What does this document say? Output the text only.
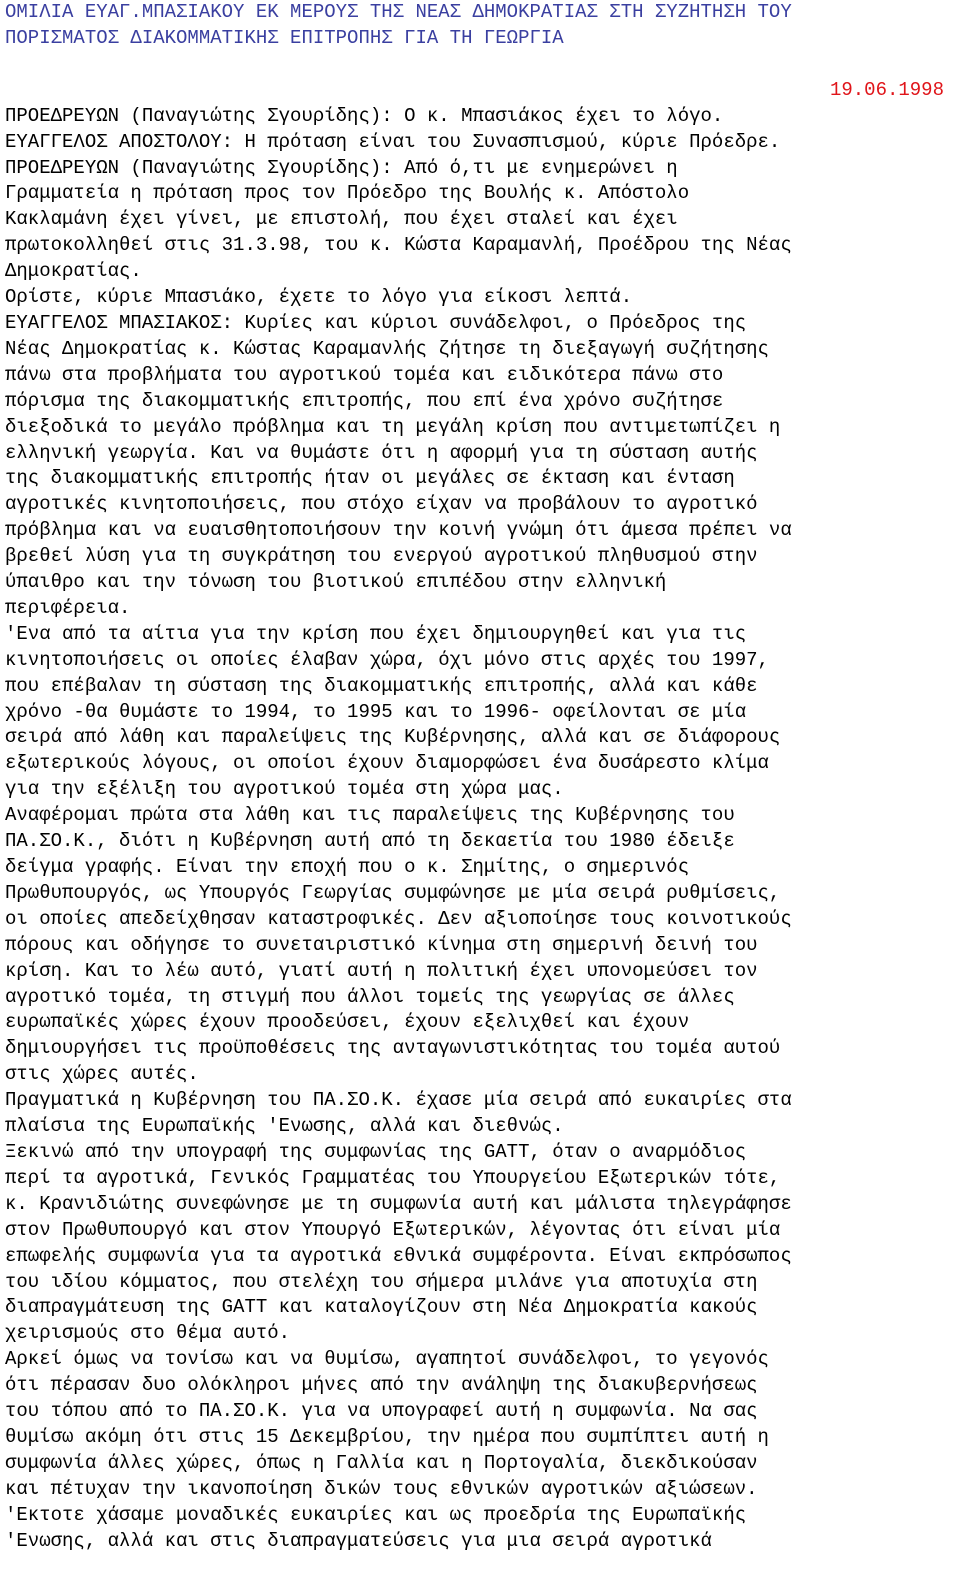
ΟΜΙΛΙΑ ΕΥΑΓ.ΜΠΑΣΙΑΚΟΥ ΕΚ ΜΕΡΟΥΣ ΤΗΣ ΝΕΑΣ ΔΗΜΟΚΡΑΤΙΑΣ ΣΤΗ ΣΥΖΗΤΗΣΗ ΤΟΥ
ΠΟΡΙΣΜΑΤΟΣ ΔΙΑΚΟΜΜΑΤΙΚΗΣ ΕΠΙΤΡΟΠΗΣ ΓΙΑ ΤΗ ΓΕΩΡΓΙΑ
19.06.1998
ΠΡΟΕΔΡΕΥΩΝ (Παναγιώτης Σγουρίδης): Ο κ. Μπασιάκος έχει το λόγο.
ΕΥΑΓΓΕΛΟΣ ΑΠΟΣΤΟΛΟΥ: Η πρόταση είναι του Συνασπισμού, κύριε Πρόεδρε.
ΠΡΟΕΔΡΕΥΩΝ (Παναγιώτης Σγουρίδης): Από ό,τι με ενημερώνει η
Γραμματεία η πρόταση προς τον Πρόεδρο της Βουλής κ. Απόστολο
Κακλαμάνη έχει γίνει, με επιστολή, που έχει σταλεί και έχει
πρωτοκολληθεί στις 31.3.98, του κ. Κώστα Καραμανλή, Προέδρου της Νέας
Δημοκρατίας.
Ορίστε, κύριε Μπασιάκο, έχετε το λόγο για είκοσι λεπτά.
ΕΥΑΓΓΕΛΟΣ ΜΠΑΣΙΑΚΟΣ: Κυρίες και κύριοι συνάδελφοι, ο Πρόεδρος της
Νέας Δημοκρατίας κ. Κώστας Καραμανλής ζήτησε τη διεξαγωγή συζήτησης
πάνω στα προβλήματα του αγροτικού τομέα και ειδικότερα πάνω στο
πόρισμα της διακομματικής επιτροπής, που επί ένα χρόνο συζήτησε
διεξοδικά το μεγάλο πρόβλημα και τη μεγάλη κρίση που αντιμετωπίζει η
ελληνική γεωργία. Και να θυμάστε ότι η αφορμή για τη σύσταση αυτής
της διακομματικής επιτροπής ήταν οι μεγάλες σε έκταση και ένταση
αγροτικές κινητοποιήσεις, που στόχο είχαν να προβάλουν το αγροτικό
πρόβλημα και να ευαισθητοποιήσουν την κοινή γνώμη ότι άμεσα πρέπει να
βρεθεί λύση για τη συγκράτηση του ενεργού αγροτικού πληθυσμού στην
ύπαιθρο και την τόνωση του βιοτικού επιπέδου στην ελληνική
περιφέρεια.
'Ενα από τα αίτια για την κρίση που έχει δημιουργηθεί και για τις
κινητοποιήσεις οι οποίες έλαβαν χώρα, όχι μόνο στις αρχές του 1997,
που επέβαλαν τη σύσταση της διακομματικής επιτροπής, αλλά και κάθε
χρόνο -θα θυμάστε το 1994, το 1995 και το 1996- οφείλονται σε μία
σειρά από λάθη και παραλείψεις της Κυβέρνησης, αλλά και σε διάφορους
εξωτερικούς λόγους, οι οποίοι έχουν διαμορφώσει ένα δυσάρεστο κλίμα
για την εξέλιξη του αγροτικού τομέα στη χώρα μας.
Αναφέρομαι πρώτα στα λάθη και τις παραλείψεις της Κυβέρνησης του
ΠΑ.ΣΟ.Κ., διότι η Κυβέρνηση αυτή από τη δεκαετία του 1980 έδειξε
δείγμα γραφής. Είναι την εποχή που ο κ. Σημίτης, ο σημερινός
Πρωθυπουργός, ως Υπουργός Γεωργίας συμφώνησε με μία σειρά ρυθμίσεις,
οι οποίες απεδείχθησαν καταστροφικές. Δεν αξιοποίησε τους κοινοτικούς
πόρους και οδήγησε το συνεταιριστικό κίνημα στη σημερινή δεινή του
κρίση. Και το λέω αυτό, γιατί αυτή η πολιτική έχει υπονομεύσει τον
αγροτικό τομέα, τη στιγμή που άλλοι τομείς της γεωργίας σε άλλες
ευρωπαϊκές χώρες έχουν προοδεύσει, έχουν εξελιχθεί και έχουν
δημιουργήσει τις προϋποθέσεις της ανταγωνιστικότητας του τομέα αυτού
στις χώρες αυτές.
Πραγματικά η Κυβέρνηση του ΠΑ.ΣΟ.Κ. έχασε μία σειρά από ευκαιρίες στα
πλαίσια της Ευρωπαϊκής 'Ενωσης, αλλά και διεθνώς.
Ξεκινώ από την υπογραφή της συμφωνίας της GATT, όταν ο αναρμόδιος
περί τα αγροτικά, Γενικός Γραμματέας του Υπουργείου Εξωτερικών τότε,
κ. Κρανιδιώτης συνεφώνησε με τη συμφωνία αυτή και μάλιστα τηλεγράφησε
στον Πρωθυπουργό και στον Υπουργό Εξωτερικών, λέγοντας ότι είναι μία
επωφελής συμφωνία για τα αγροτικά εθνικά συμφέροντα. Είναι εκπρόσωπος
του ιδίου κόμματος, που στελέχη του σήμερα μιλάνε για αποτυχία στη
διαπραγμάτευση της GATT και καταλογίζουν στη Νέα Δημοκρατία κακούς
χειρισμούς στο θέμα αυτό.
Αρκεί όμως να τονίσω και να θυμίσω, αγαπητοί συνάδελφοι, το γεγονός
ότι πέρασαν δυο ολόκληροι μήνες από την ανάληψη της διακυβερνήσεως
του τόπου από το ΠΑ.ΣΟ.Κ. για να υπογραφεί αυτή η συμφωνία. Να σας
θυμίσω ακόμη ότι στις 15 Δεκεμβρίου, την ημέρα που συμπίπτει αυτή η
συμφωνία άλλες χώρες, όπως η Γαλλία και η Πορτογαλία, διεκδικούσαν
και πέτυχαν την ικανοποίηση δικών τους εθνικών αγροτικών αξιώσεων.
'Εκτοτε χάσαμε μοναδικές ευκαιρίες και ως προεδρία της Ευρωπαϊκής
'Ενωσης, αλλά και στις διαπραγματεύσεις για μια σειρά αγροτικά
